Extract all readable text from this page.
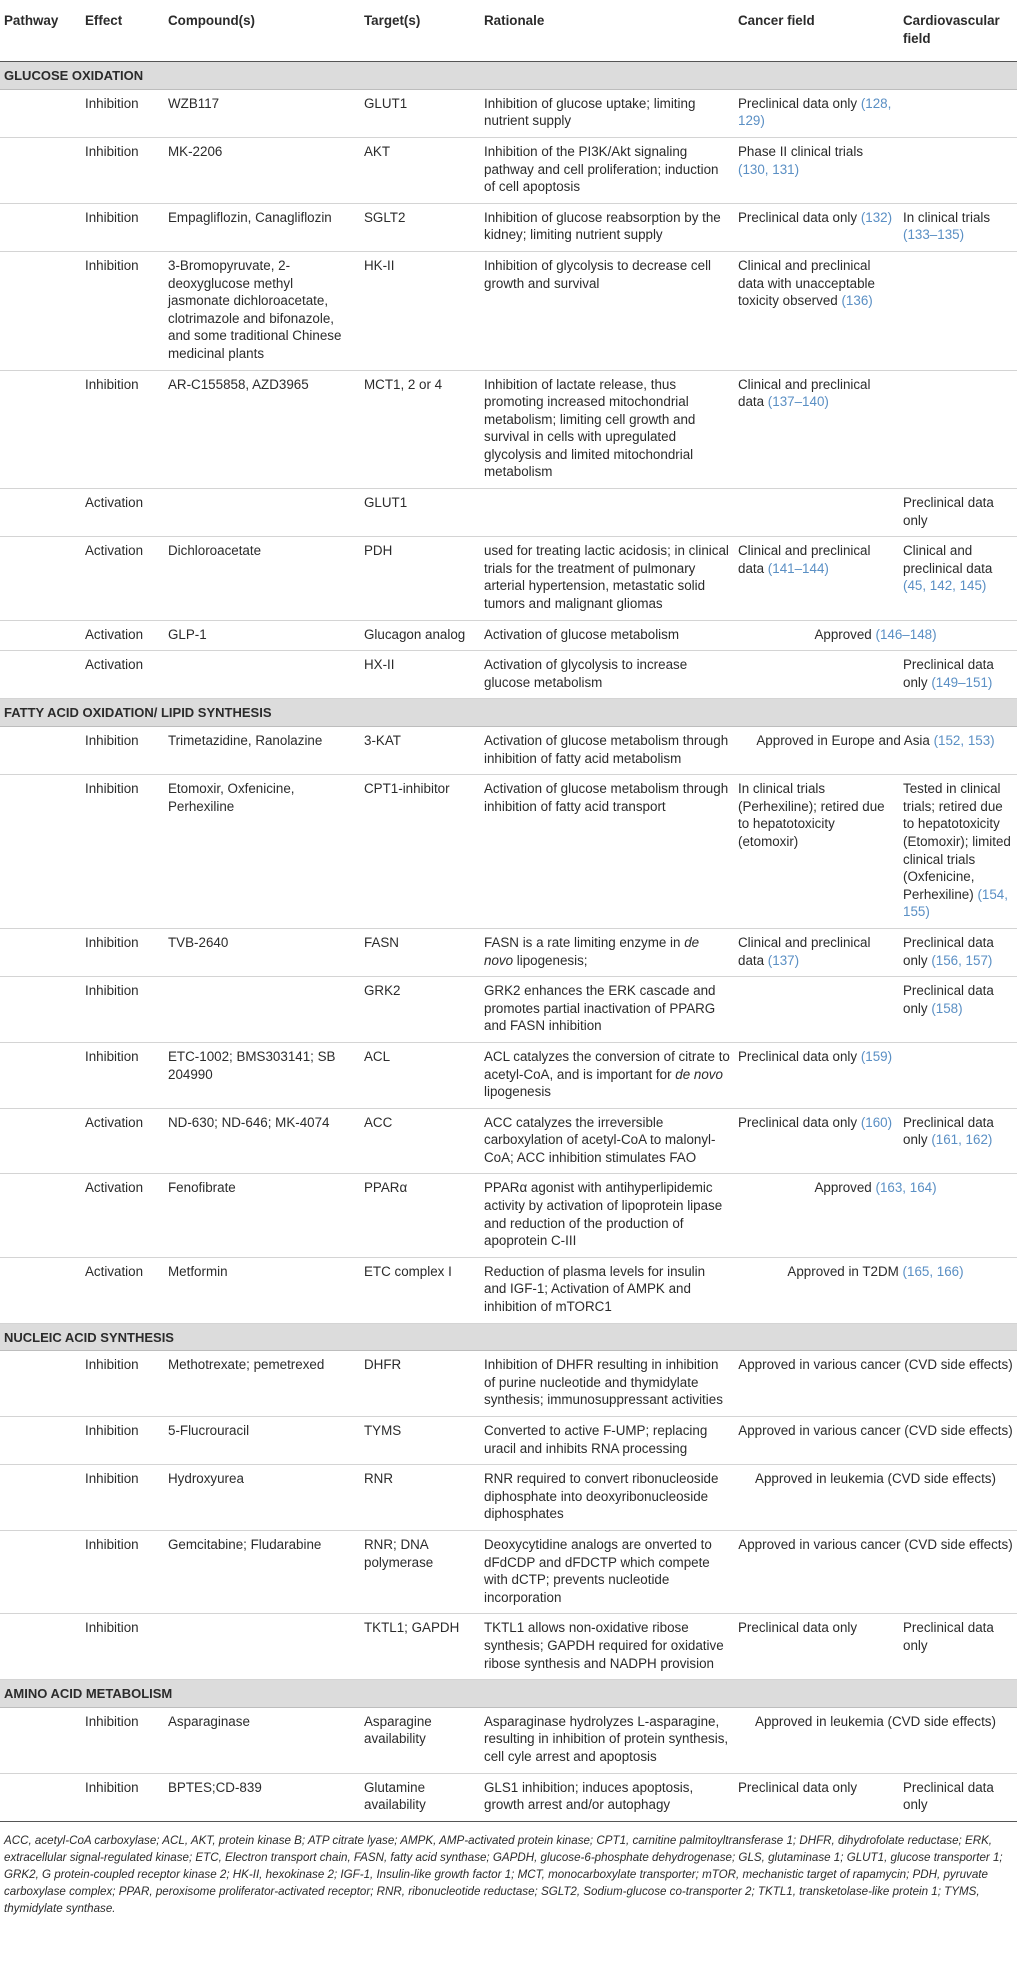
Pathway	Effect	Compound(s)	Target(s)	Rationale	Cancer field	Cardiovascular field
GLUCOSE OXIDATION						
	Inhibition	WZB117	GLUT1	Inhibition of glucose uptake; limiting nutrient supply	Preclinical data only (128, 129)	
	Inhibition	MK-2206	AKT	Inhibition of the PI3K/Akt signaling pathway and cell proliferation; induction of cell apoptosis	Phase II clinical trials (130, 131)	
	Inhibition	Empagliflozin, Canagliflozin	SGLT2	Inhibition of glucose reabsorption by the kidney; limiting nutrient supply	Preclinical data only (132)	In clinical trials (133–135)
	Inhibition	3-Bromopyruvate, 2-deoxyglucose methyl jasmonate dichloroacetate, clotrimazole and bifonazole, and some traditional Chinese medicinal plants	HK-II	Inhibition of glycolysis to decrease cell growth and survival	Clinical and preclinical data with unacceptable toxicity observed (136)	
	Inhibition	AR-C155858, AZD3965	MCT1, 2 or 4	Inhibition of lactate release, thus promoting increased mitochondrial metabolism; limiting cell growth and survival in cells with upregulated glycolysis and limited mitochondrial metabolism	Clinical and preclinical data (137–140)	
	Activation		GLUT1			Preclinical data only
	Activation	Dichloroacetate	PDH	used for treating lactic acidosis; in clinical trials for the treatment of pulmonary arterial hypertension, metastatic solid tumors and malignant gliomas	Clinical and preclinical data (141–144)	Clinical and preclinical data (45, 142, 145)
	Activation	GLP-1	Glucagon analog	Activation of glucose metabolism	Approved (146–148)	
	Activation		HX-II	Activation of glycolysis to increase glucose metabolism		Preclinical data only (149–151)
FATTY ACID OXIDATION/ LIPID SYNTHESIS						
	Inhibition	Trimetazidine, Ranolazine	3-KAT	Activation of glucose metabolism through inhibition of fatty acid metabolism	Approved in Europe and Asia (152, 153)	
	Inhibition	Etomoxir, Oxfenicine, Perhexiline	CPT1-inhibitor	Activation of glucose metabolism through inhibition of fatty acid transport	In clinical trials (Perhexiline); retired due to hepatotoxicity (etomoxir)	Tested in clinical trials; retired due to hepatotoxicity (Etomoxir); limited clinical trials (Oxfenicine, Perhexiline) (154, 155)
	Inhibition	TVB-2640	FASN	FASN is a rate limiting enzyme in de novo lipogenesis;	Clinical and preclinical data (137)	Preclinical data only (156, 157)
	Inhibition		GRK2	GRK2 enhances the ERK cascade and promotes partial inactivation of PPARG and FASN inhibition		Preclinical data only (158)
	Inhibition	ETC-1002; BMS303141; SB 204990	ACL	ACL catalyzes the conversion of citrate to acetyl-CoA, and is important for de novo lipogenesis	Preclinical data only (159)	
	Activation	ND-630; ND-646; MK-4074	ACC	ACC catalyzes the irreversible carboxylation of acetyl-CoA to malonyl-CoA; ACC inhibition stimulates FAO	Preclinical data only (160)	Preclinical data only (161, 162)
	Activation	Fenofibrate	PPARα	PPARα agonist with antihyperlipidemic activity by activation of lipoprotein lipase and reduction of the production of apoprotein C-III	Approved (163, 164)	
	Activation	Metformin	ETC complex I	Reduction of plasma levels for insulin and IGF-1; Activation of AMPK and inhibition of mTORC1	Approved in T2DM (165, 166)	
NUCLEIC ACID SYNTHESIS						
	Inhibition	Methotrexate; pemetrexed	DHFR	Inhibition of DHFR resulting in inhibition of purine nucleotide and thymidylate synthesis; immunosuppressant activities	Approved in various cancer (CVD side effects)	
	Inhibition	5-Flucrouracil	TYMS	Converted to active F-UMP; replacing uracil and inhibits RNA processing	Approved in various cancer (CVD side effects)	
	Inhibition	Hydroxyurea	RNR	RNR required to convert ribonucleoside diphosphate into deoxyribonucleoside diphosphates	Approved in leukemia (CVD side effects)	
	Inhibition	Gemcitabine; Fludarabine	RNR; DNA polymerase	Deoxycytidine analogs are onverted to dFdCDP and dFDCTP which compete with dCTP; prevents nucleotide incorporation	Approved in various cancer (CVD side effects)	
	Inhibition		TKTL1; GAPDH	TKTL1 allows non-oxidative ribose synthesis; GAPDH required for oxidative ribose synthesis and NADPH provision	Preclinical data only	Preclinical data only
AMINO ACID METABOLISM						
	Inhibition	Asparaginase	Asparagine availability	Asparaginase hydrolyzes L-asparagine, resulting in inhibition of protein synthesis, cell cyle arrest and apoptosis	Approved in leukemia (CVD side effects)	
	Inhibition	BPTES;CD-839	Glutamine availability	GLS1 inhibition; induces apoptosis, growth arrest and/or autophagy	Preclinical data only	Preclinical data only
ACC, acetyl-CoA carboxylase; ACL, AKT, protein kinase B; ATP citrate lyase; AMPK, AMP-activated protein kinase; CPT1, carnitine palmitoyltransferase 1; DHFR, dihydrofolate reductase; ERK, extracellular signal-regulated kinase; ETC, Electron transport chain, FASN, fatty acid synthase; GAPDH, glucose-6-phosphate dehydrogenase; GLS, glutaminase 1; GLUT1, glucose transporter 1; GRK2, G protein-coupled receptor kinase 2; HK-II, hexokinase 2; IGF-1, Insulin-like growth factor 1; MCT, monocarboxylate transporter; mTOR, mechanistic target of rapamycin; PDH, pyruvate carboxylase complex; PPAR, peroxisome proliferator-activated receptor; RNR, ribonucleotide reductase; SGLT2, Sodium-glucose co-transporter 2; TKTL1, transketolase-like protein 1; TYMS, thymidylate synthase.
